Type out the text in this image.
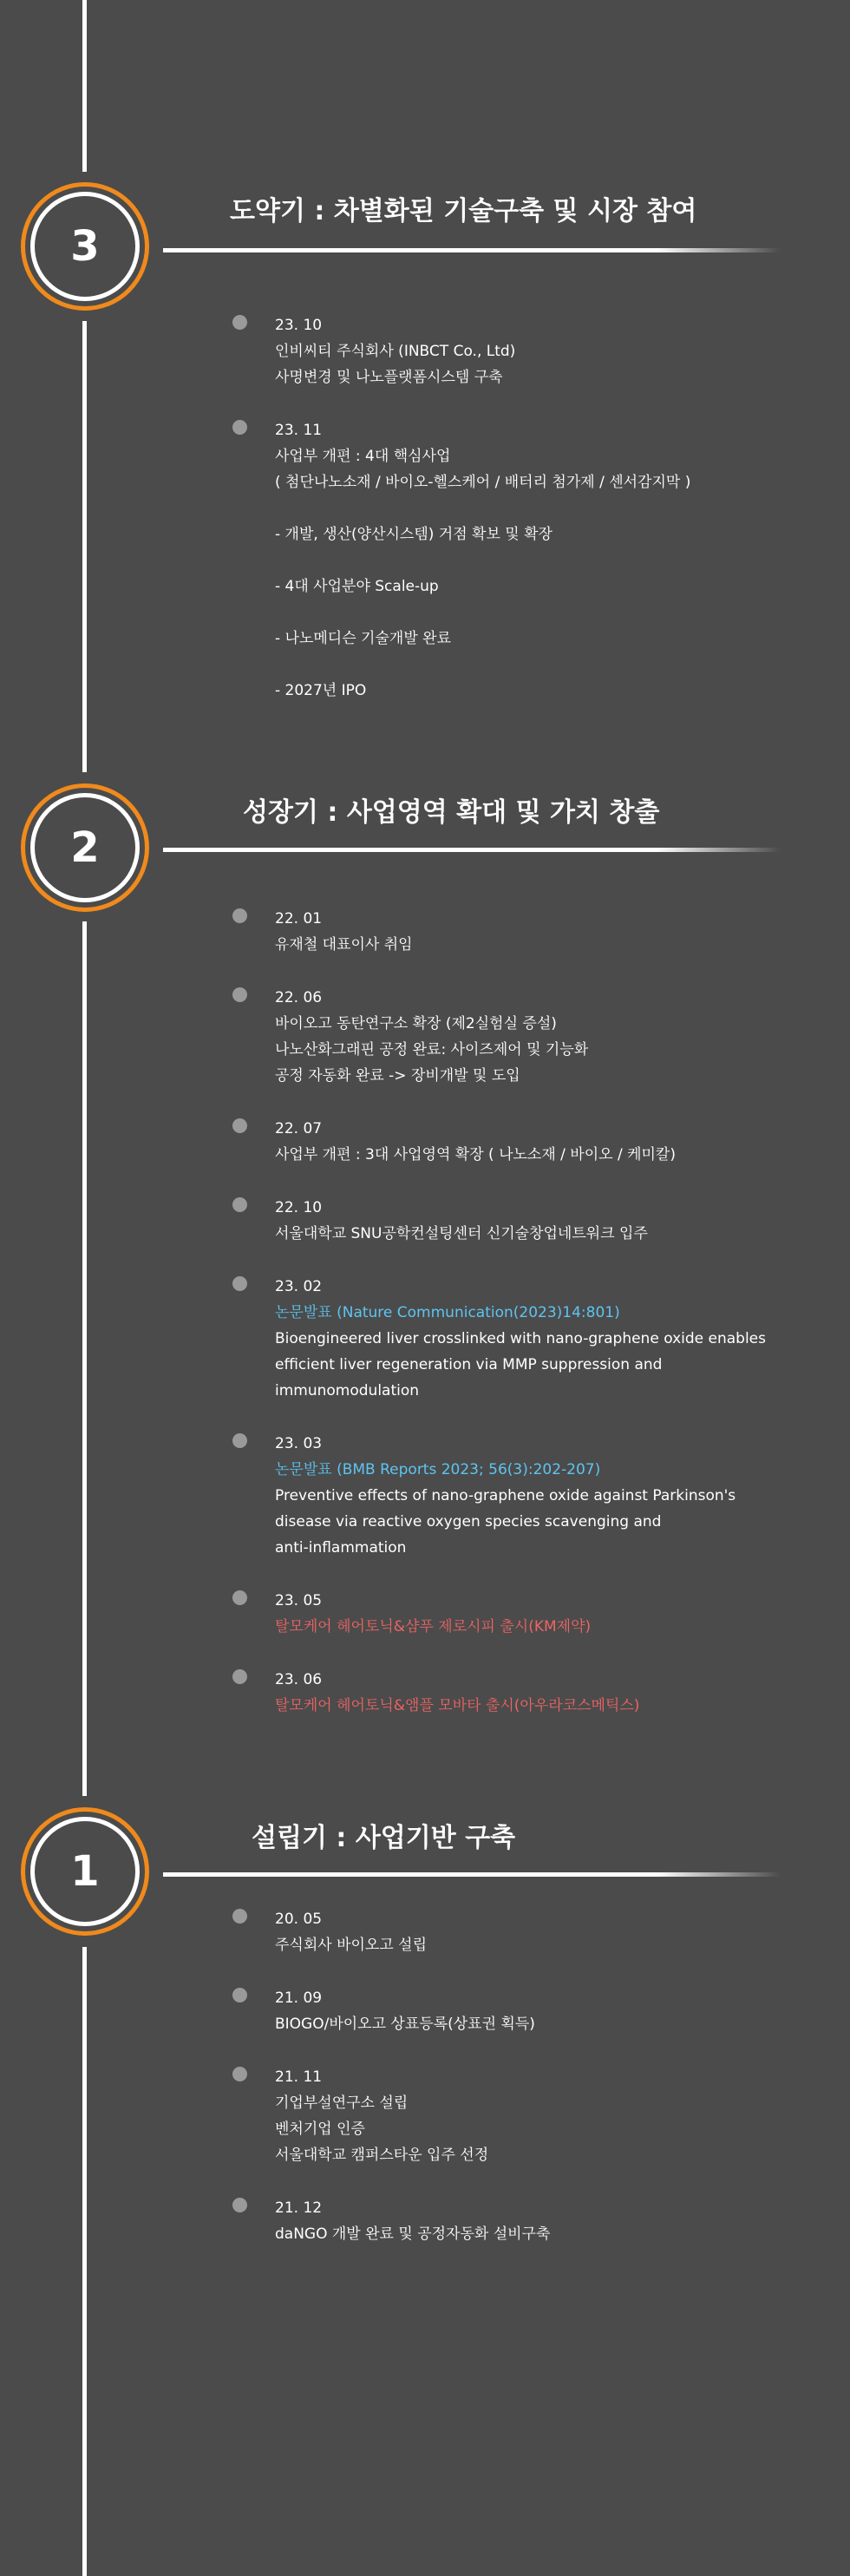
3
도약기 : 차별화된 기술구축 및 시장 참여
23. 10
인비씨티 주식회사 (INBCT Co., Ltd)
사명변경 및 나노플랫폼시스템 구축
23. 11
사업부 개편 : 4대 핵심사업
( 첨단나노소재 / 바이오-헬스케어 / 배터리 첨가제 / 센서감지막 )
- 개발, 생산(양산시스템) 거점 확보 및 확장
- 4대 사업분야 Scale-up
- 나노메디슨 기술개발 완료
- 2027년 IPO
2
성장기 : 사업영역 확대 및 가치 창출
22. 01
유재철 대표이사 취임
22. 06
바이오고 동탄연구소 확장 (제2실험실 증설)
나노산화그래핀 공정 완료: 사이즈제어 및 기능화
공정 자동화 완료 -> 장비개발 및 도입
22. 07
사업부 개편 : 3대 사업영역 확장 ( 나노소재 / 바이오 / 케미칼)
22. 10
서울대학교 SNU공학컨설팅센터 신기술창업네트워크 입주
23. 02
논문발표 (Nature Communication(2023)14:801)
Bioengineered liver crosslinked with nano-graphene oxide enables
efficient liver regeneration via MMP suppression and
immunomodulation
23. 03
논문발표 (BMB Reports 2023; 56(3):202-207)
Preventive effects of nano-graphene oxide against Parkinson's
disease via reactive oxygen species scavenging and
anti-inflammation
23. 05
탈모케어 헤어토닉&샴푸 제로시피 출시(KM제약)
23. 06
탈모케어 헤어토닉&앰플 모바타 출시(아우라코스메틱스)
1
설립기 : 사업기반 구축
20. 05
주식회사 바이오고 설립
21. 09
BIOGO/바이오고 상표등록(상표권 획득)
21. 11
기업부설연구소 설립
벤처기업 인증
서울대학교 캠퍼스타운 입주 선정
21. 12
daNGO 개발 완료 및 공정자동화 설비구축
